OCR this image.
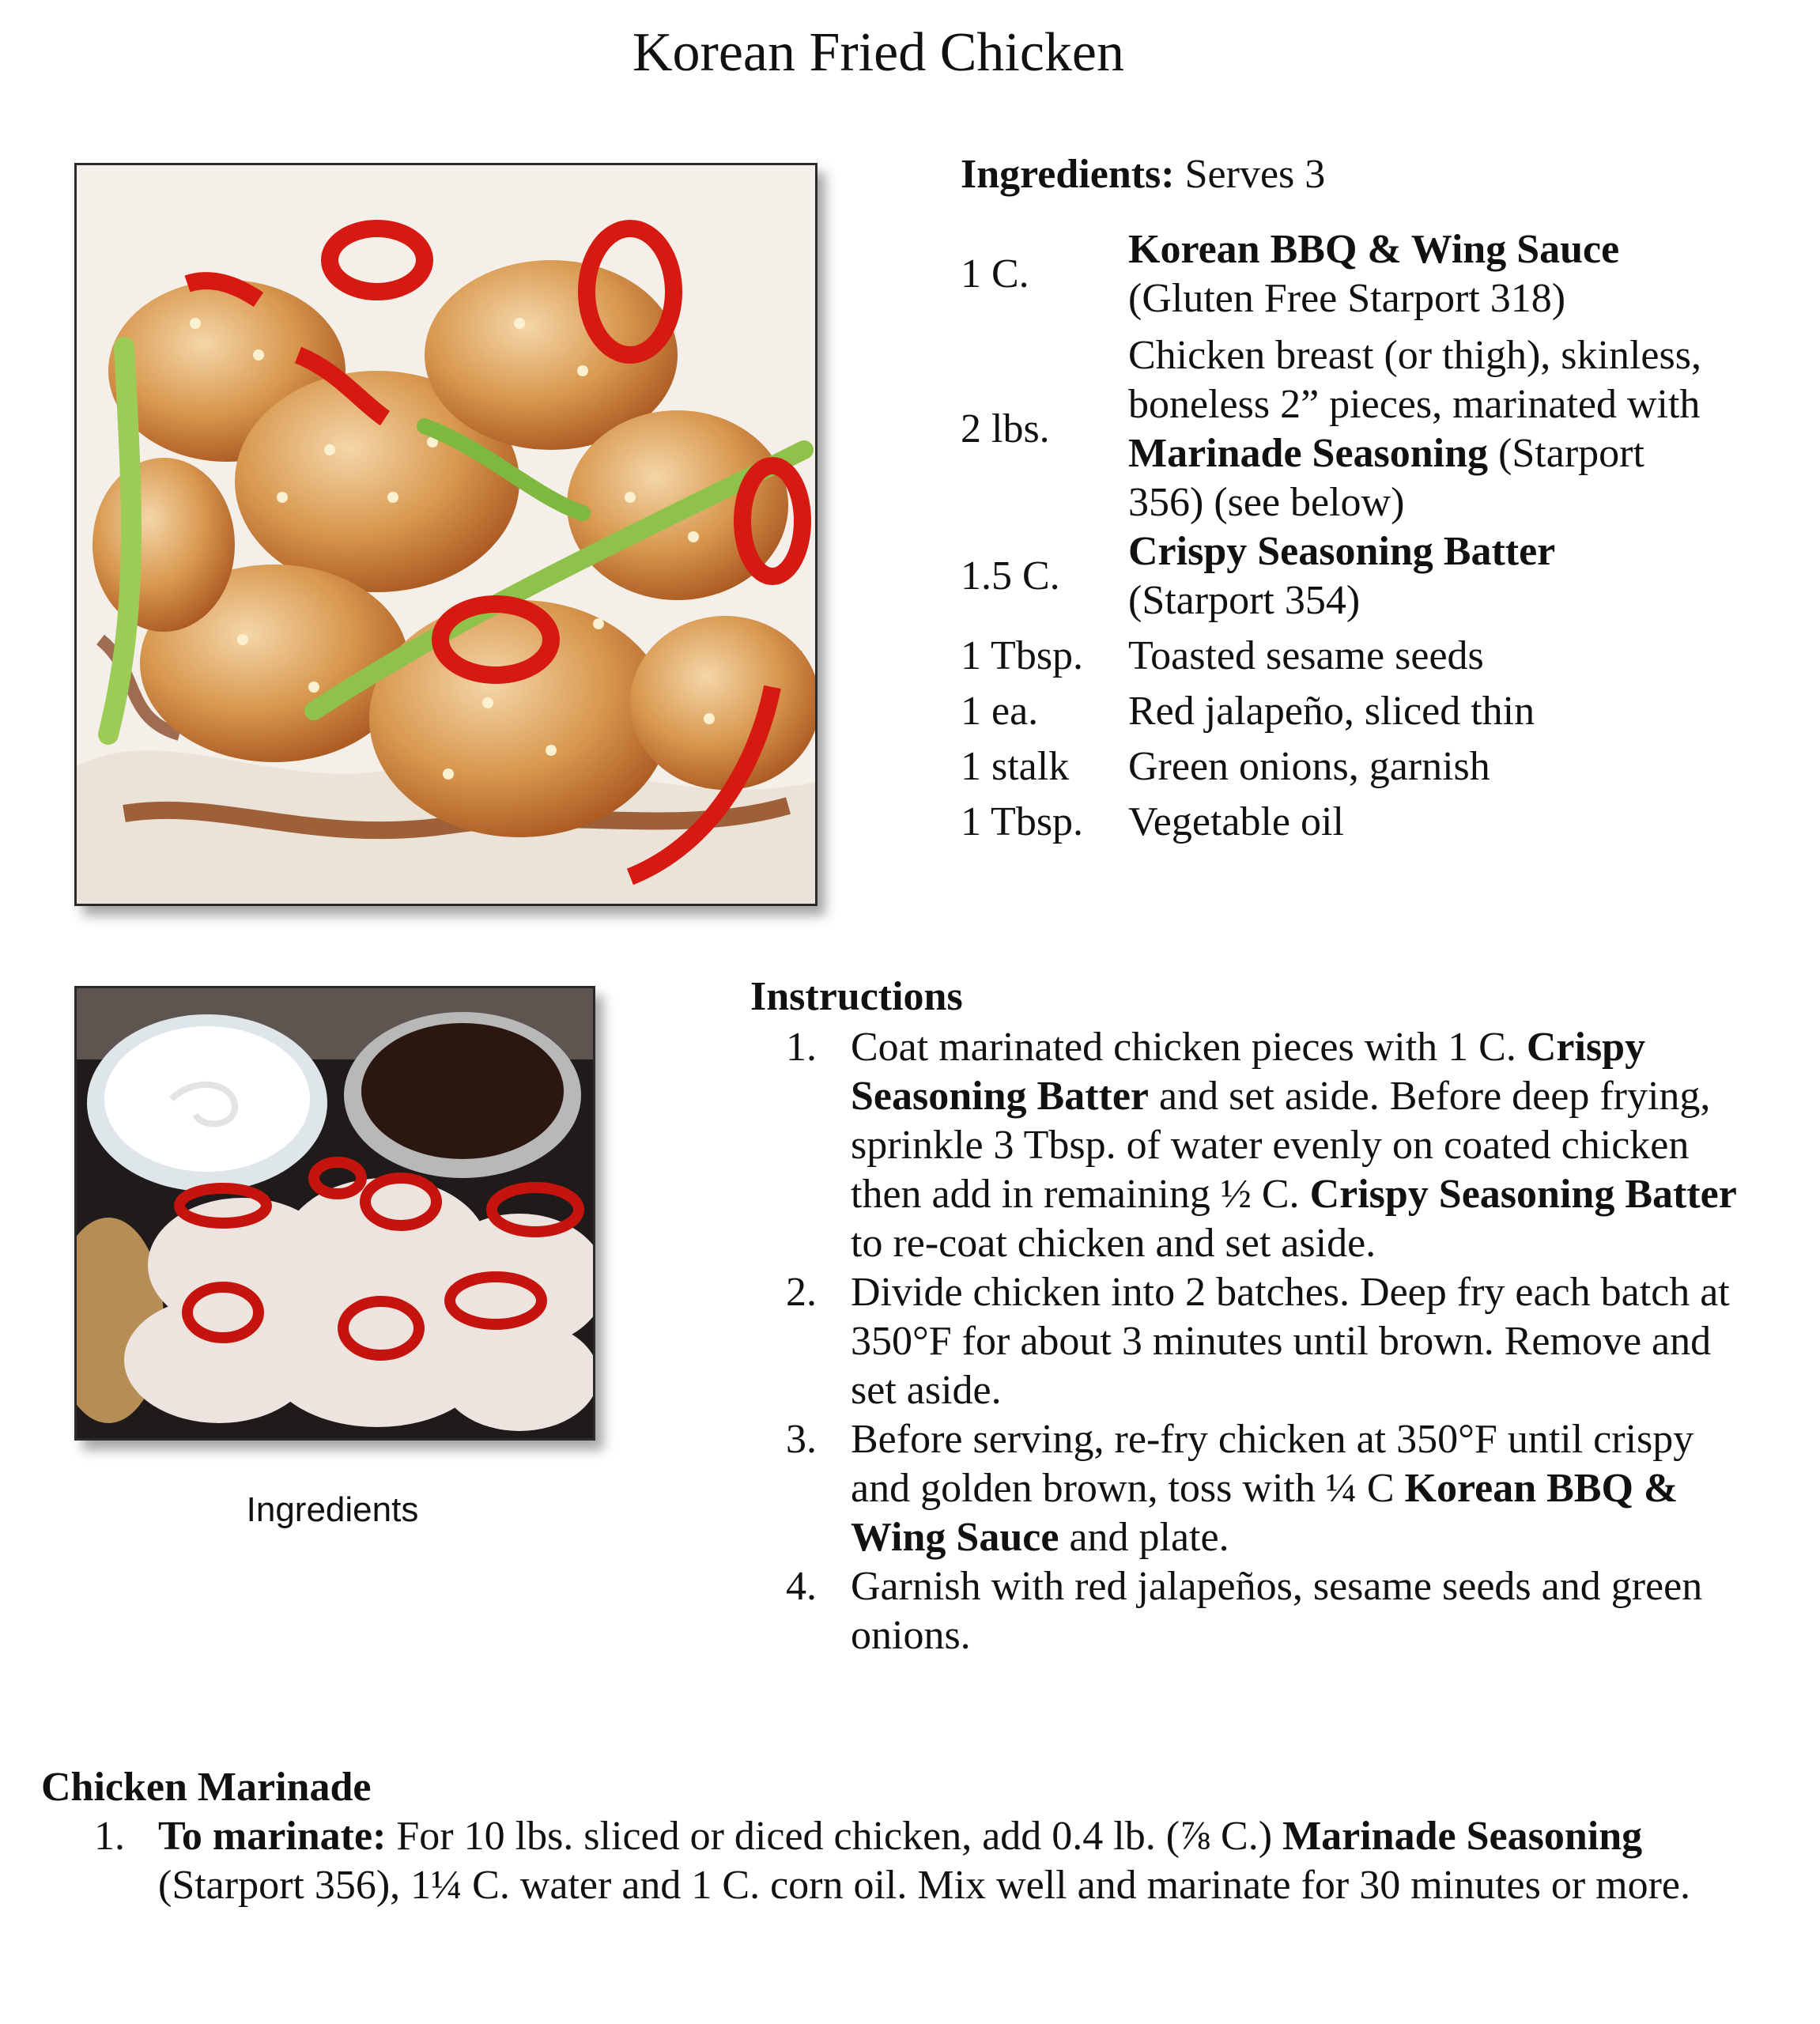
Korean Fried Chicken
Ingredients
Ingredients: Serves 3
1 C.	Korean BBQ & Wing Sauce
(Gluten Free Starport 318)
2 lbs.	Chicken breast (or thigh), skinless, boneless 2” pieces, marinated with Marinade Seasoning (Starport 356) (see below)
1.5 C.	Crispy Seasoning Batter
(Starport 354)
1 Tbsp.	Toasted sesame seeds
1 ea.	Red jalapeño, sliced thin
1 stalk	Green onions, garnish
1 Tbsp.	Vegetable oil
Instructions
1. Coat marinated chicken pieces with 1 C. Crispy Seasoning Batter and set aside. Before deep frying, sprinkle 3 Tbsp. of water evenly on coated chicken then add in remaining ½ C. Crispy Seasoning Batter to re-coat chicken and set aside.
2. Divide chicken into 2 batches. Deep fry each batch at 350°F for about 3 minutes until brown. Remove and set aside.
3. Before serving, re-fry chicken at 350°F until crispy and golden brown, toss with ¼ C Korean BBQ & Wing Sauce and plate.
4. Garnish with red jalapeños, sesame seeds and green onions.
Chicken Marinade
1. To marinate: For 10 lbs. sliced or diced chicken, add 0.4 lb. (⅞ C.) Marinade Seasoning (Starport 356), 1¼ C. water and 1 C. corn oil. Mix well and marinate for 30 minutes or more.
